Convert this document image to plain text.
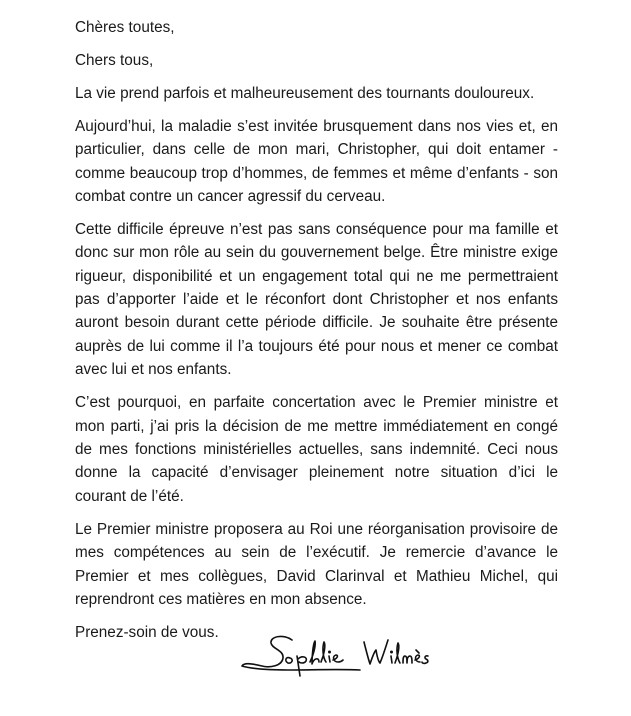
Chères toutes,

Chers tous,

La vie prend parfois et malheureusement des tournants douloureux.

Aujourd’hui, la maladie s’est invitée brusquement dans nos vies et, en particulier, dans celle de mon mari, Christopher, qui doit entamer - comme beaucoup trop d’hommes, de femmes et même d’enfants - son combat contre un cancer agressif du cerveau.

Cette difficile épreuve n’est pas sans conséquence pour ma famille et donc sur mon rôle au sein du gouvernement belge. Être ministre exige rigueur, disponibilité et un engagement total qui ne me permettraient pas d’apporter l’aide et le réconfort dont Christopher et nos enfants auront besoin durant cette période difficile. Je souhaite être présente auprès de lui comme il l’a toujours été pour nous et mener ce combat avec lui et nos enfants.

C’est pourquoi, en parfaite concertation avec le Premier ministre et mon parti, j’ai pris la décision de me mettre immédiatement en congé de mes fonctions ministérielles actuelles, sans indemnité. Ceci nous donne la capacité d’envisager pleinement notre situation d’ici le courant de l’été.

Le Premier ministre proposera au Roi une réorganisation provisoire de mes compétences au sein de l’exécutif. Je remercie d’avance le Premier et mes collègues, David Clarinval et Mathieu Michel, qui reprendront ces matières en mon absence.

Prenez-soin de vous.
